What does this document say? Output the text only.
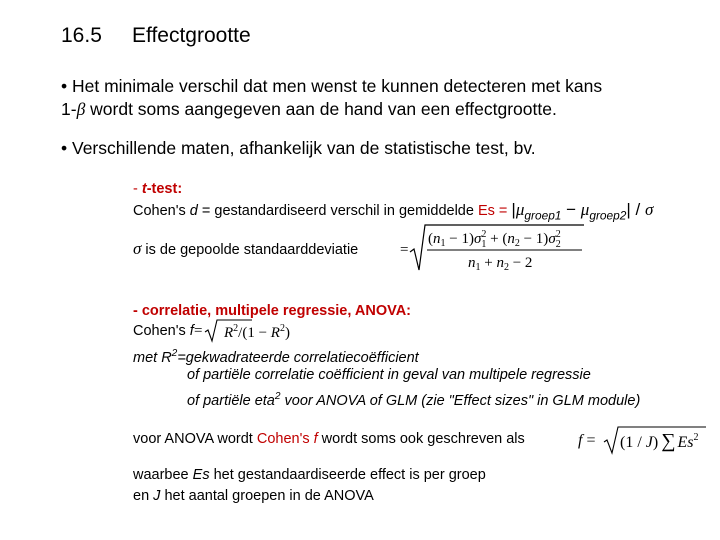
16.5 Effectgrootte
• Het minimale verschil dat men wenst te kunnen detecteren met kans
1-β wordt soms aangegeven aan de hand van een effectgrootte.
• Verschillende maten, afhankelijk van de statistische test, bv.
- t-test:
Cohen's d = gestandardiseerd verschil in gemiddelde $Es = |\mu_{groep1} - \mu_{groep2}| / \sigma$
σ is de gepoolde standaarddeviatie	=
$(n_1 - 1)\sigma^2$ $1 + (n_2 - 1)\sigma^2$ 2
$n_1 + n_2 - 2$
- correlatie, multipele regressie, ANOVA:
Cohen's $f = R^2/(1 - R^2)$
met $R^2=gekwadrateerde$ correlatiecoëfficient
of partiële correlatie coëfficient in geval van multipele regressie
of partiële eta$^2$ voor ANOVA of GLM (zie "Effect sizes" in GLM module)
voor ANOVA wordt Cohen's f wordt soms ook geschreven als	f = (1 / J) ∑ Es$^2$
waarbee Es het gestandaardiseerde effect is per groep
en J het aantal groepen in de ANOVA
